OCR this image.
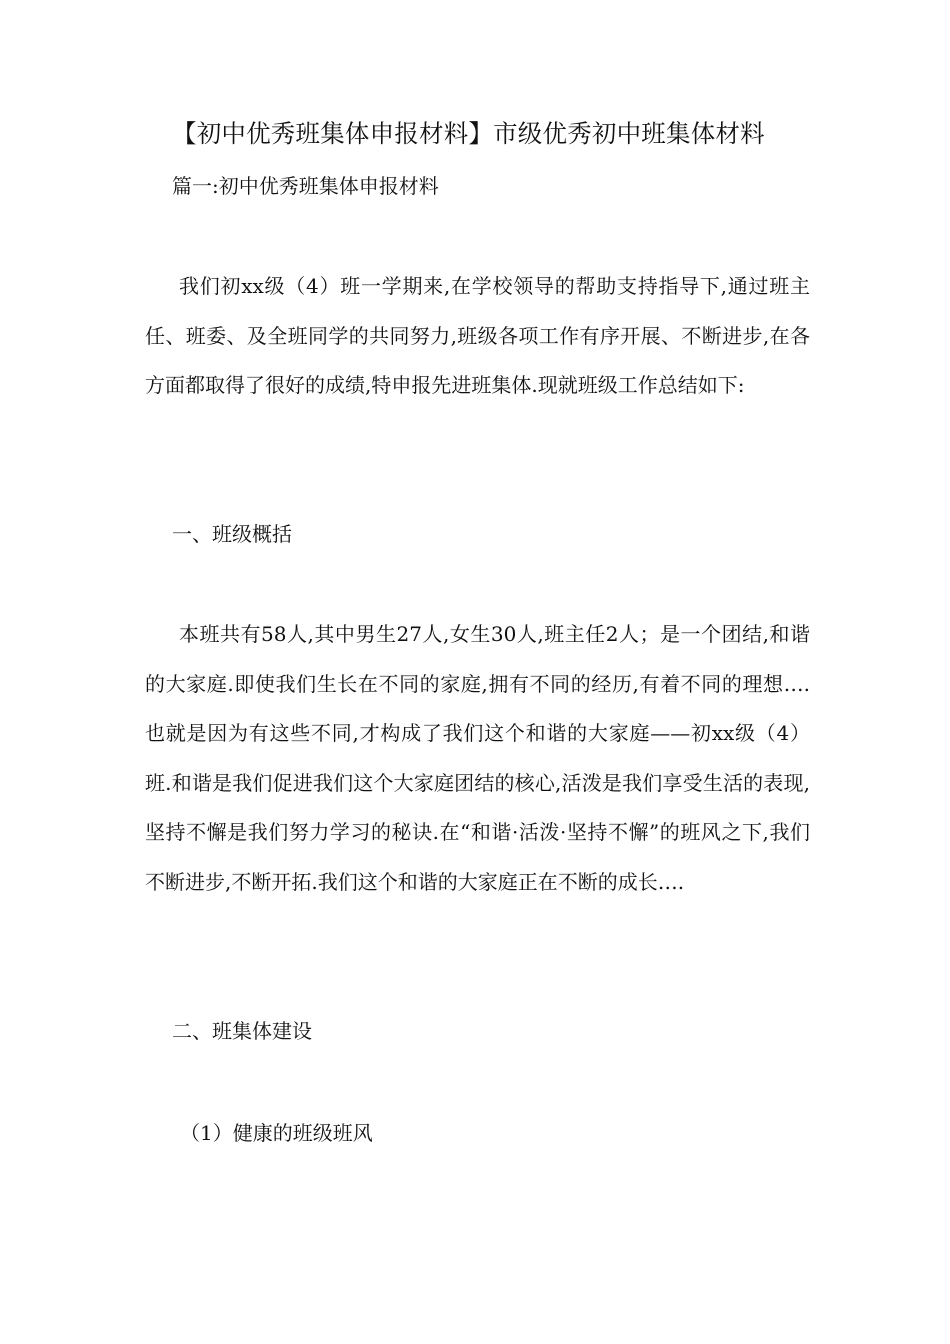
【初中优秀班集体申报材料】市级优秀初中班集体材料
篇一:初中优秀班集体申报材料

我们初xx级（4）班一学期来,在学校领导的帮助支持指导下,通过班主任、班委、及全班同学的共同努力,班级各项工作有序开展、不断进步,在各方面都取得了很好的成绩,特申报先进班集体.现就班级工作总结如下:

一、班级概括

本班共有58人,其中男生27人,女生30人,班主任2人；是一个团结,和谐的大家庭.即使我们生长在不同的家庭,拥有不同的经历,有着不同的理想….也就是因为有这些不同,才构成了我们这个和谐的大家庭——初xx级（4）班.和谐是我们促进我们这个大家庭团结的核心,活泼是我们享受生活的表现,坚持不懈是我们努力学习的秘诀.在“和谐·活泼·坚持不懈”的班风之下,我们不断进步,不断开拓.我们这个和谐的大家庭正在不断的成长….

二、班集体建设

（1）健康的班级班风
